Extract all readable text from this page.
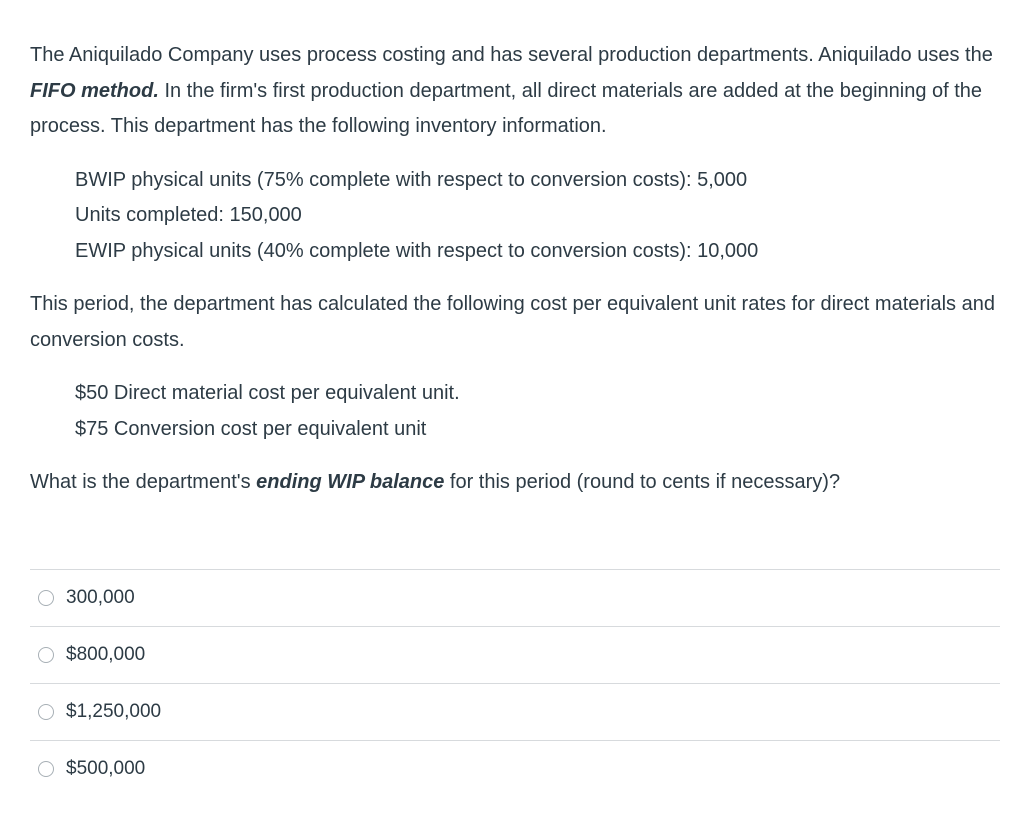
The Aniquilado Company uses process costing and has several production departments. Aniquilado uses the FIFO method. In the firm's first production department, all direct materials are added at the beginning of the process. This department has the following inventory information.

BWIP physical units (75% complete with respect to conversion costs): 5,000
Units completed: 150,000
EWIP physical units (40% complete with respect to conversion costs): 10,000

This period, the department has calculated the following cost per equivalent unit rates for direct materials and conversion costs.

$50 Direct material cost per equivalent unit.
$75 Conversion cost per equivalent unit

What is the department's ending WIP balance for this period (round to cents if necessary)?

300,000
$800,000
$1,250,000
$500,000
